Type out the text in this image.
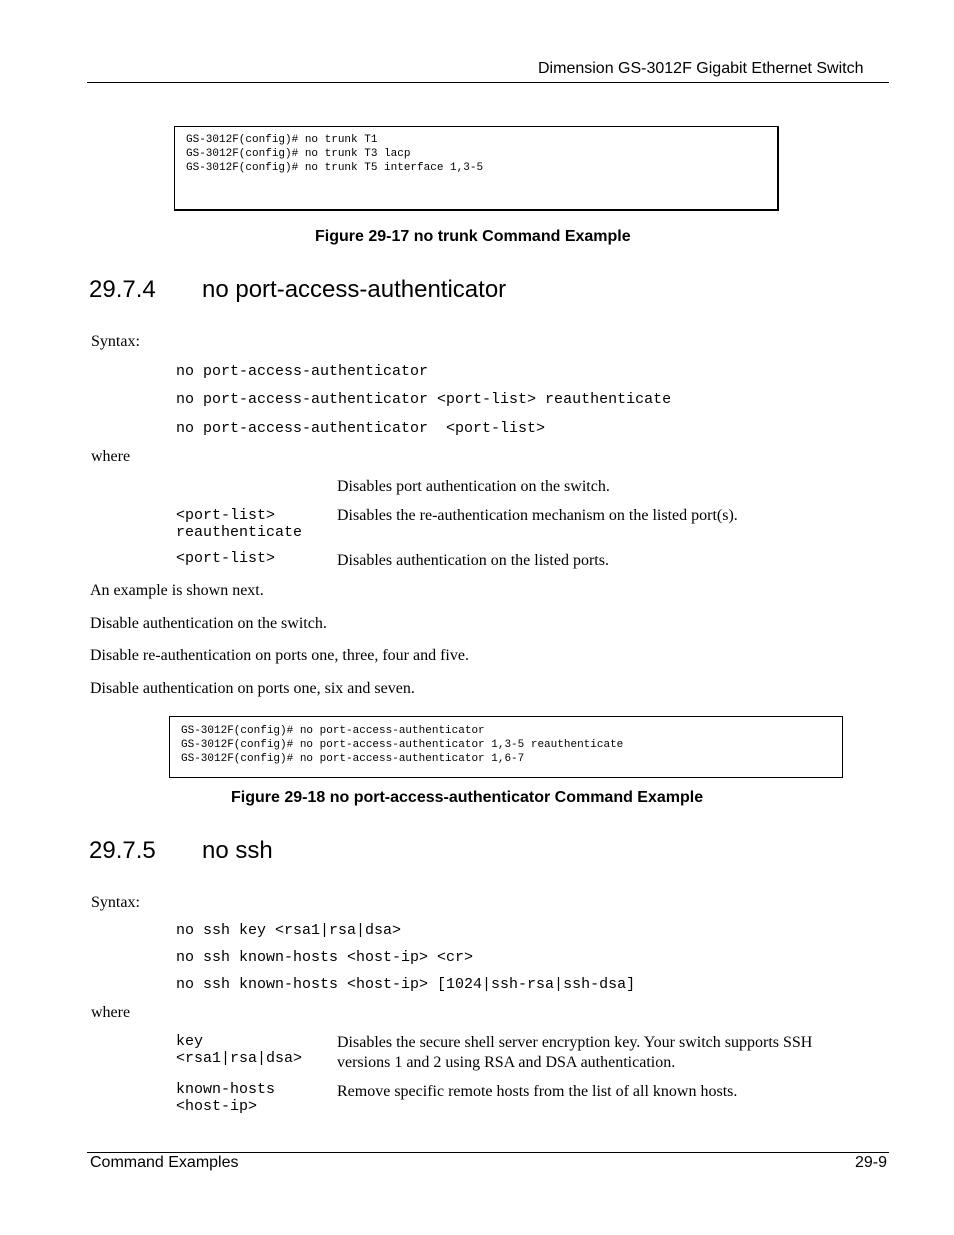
Dimension GS-3012F Gigabit Ethernet Switch
GS-3012F(config)# no trunk T1
GS-3012F(config)# no trunk T3 lacp
GS-3012F(config)# no trunk T5 interface 1,3-5
Figure 29-17 no trunk Command Example
29.7.4 no port-access-authenticator
Syntax:
no port-access-authenticator
no port-access-authenticator <port-list> reauthenticate
no port-access-authenticator  <port-list>
where
Disables port authentication on the switch.
<port-list>
reauthenticate
Disables the re-authentication mechanism on the listed port(s).
<port-list>	Disables authentication on the listed ports.
An example is shown next.
Disable authentication on the switch.
Disable re-authentication on ports one, three, four and five.
Disable authentication on ports one, six and seven.
GS-3012F(config)# no port-access-authenticator
GS-3012F(config)# no port-access-authenticator 1,3-5 reauthenticate
GS-3012F(config)# no port-access-authenticator 1,6-7
Figure 29-18 no port-access-authenticator Command Example
29.7.5 no ssh
Syntax:
no ssh key <rsa1|rsa|dsa>
no ssh known-hosts <host-ip> <cr>
no ssh known-hosts <host-ip> [1024|ssh-rsa|ssh-dsa]
where
key
<rsa1|rsa|dsa>
Disables the secure shell server encryption key. Your switch supports SSH versions 1 and 2 using RSA and DSA authentication.
known-hosts
<host-ip>
Remove specific remote hosts from the list of all known hosts.
Command Examples	29-9
